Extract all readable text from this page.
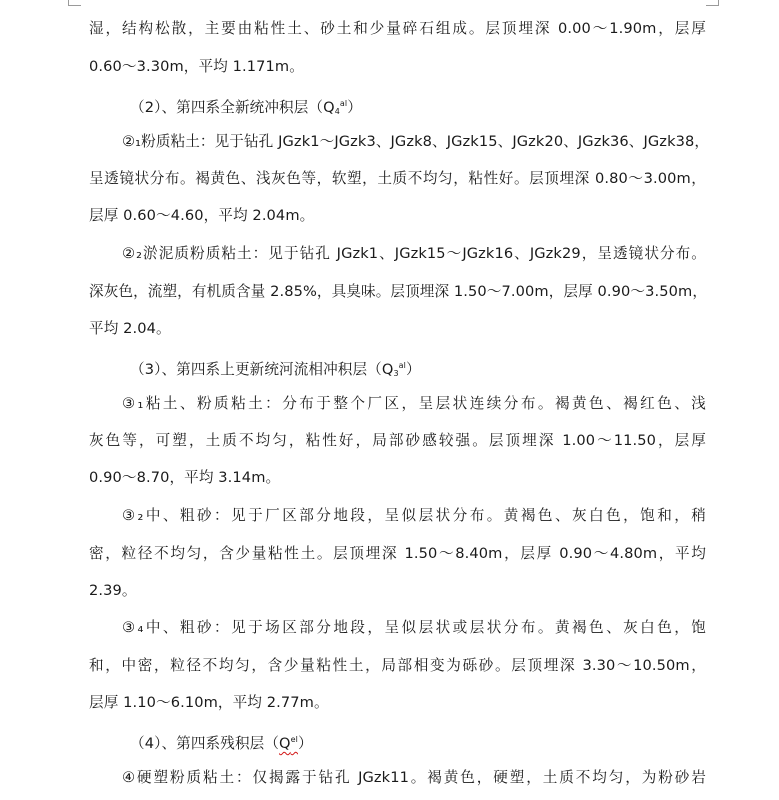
湿，结构松散，主要由粘性土、砂土和少量碎石组成。层顶埋深 0.00～1.90m，层厚
0.60～3.30m，平均 1.171m。
（2）、第四系全新统冲积层$(Q_4^{al})$
②₁粉质粘土：见于钻孔 JGzk1～JGzk3、JGzk8、JGzk15、JGzk20、JGzk36、JGzk38，
呈透镜状分布。褐黄色、浅灰色等，软塑，土质不均匀，粘性好。层顶埋深 0.80～3.00m，
层厚 0.60～4.60，平均 2.04m。
②₂淤泥质粉质粘土：见于钻孔 JGzk1、JGzk15～JGzk16、JGzk29，呈透镜状分布。
深灰色，流塑，有机质含量 2.85%，具臭味。层顶埋深 1.50～7.00m，层厚 0.90～3.50m，
平均 2.04。
（3）、第四系上更新统河流相冲积层$(Q_3^{al})$
③₁粘土、粉质粘土：分布于整个厂区，呈层状连续分布。褐黄色、褐红色、浅
灰色等，可塑，土质不均匀，粘性好，局部砂感较强。层顶埋深 1.00～11.50，层厚
0.90～8.70，平均 3.14m。
③₂中、粗砂：见于厂区部分地段，呈似层状分布。黄褐色、灰白色，饱和，稍
密，粒径不均匀，含少量粘性土。层顶埋深 1.50～8.40m，层厚 0.90～4.80m，平均
2.39。
③₄中、粗砂：见于场区部分地段，呈似层状或层状分布。黄褐色、灰白色，饱
和，中密，粒径不均匀，含少量粘性土，局部相变为砾砂。层顶埋深 3.30～10.50m，
层厚 1.10～6.10m，平均 2.77m。
（4）、第四系残积层$(Q^{el})$
④硬塑粉质粘土：仅揭露于钻孔 JGzk11。褐黄色，硬塑，土质不均匀，为粉砂岩
